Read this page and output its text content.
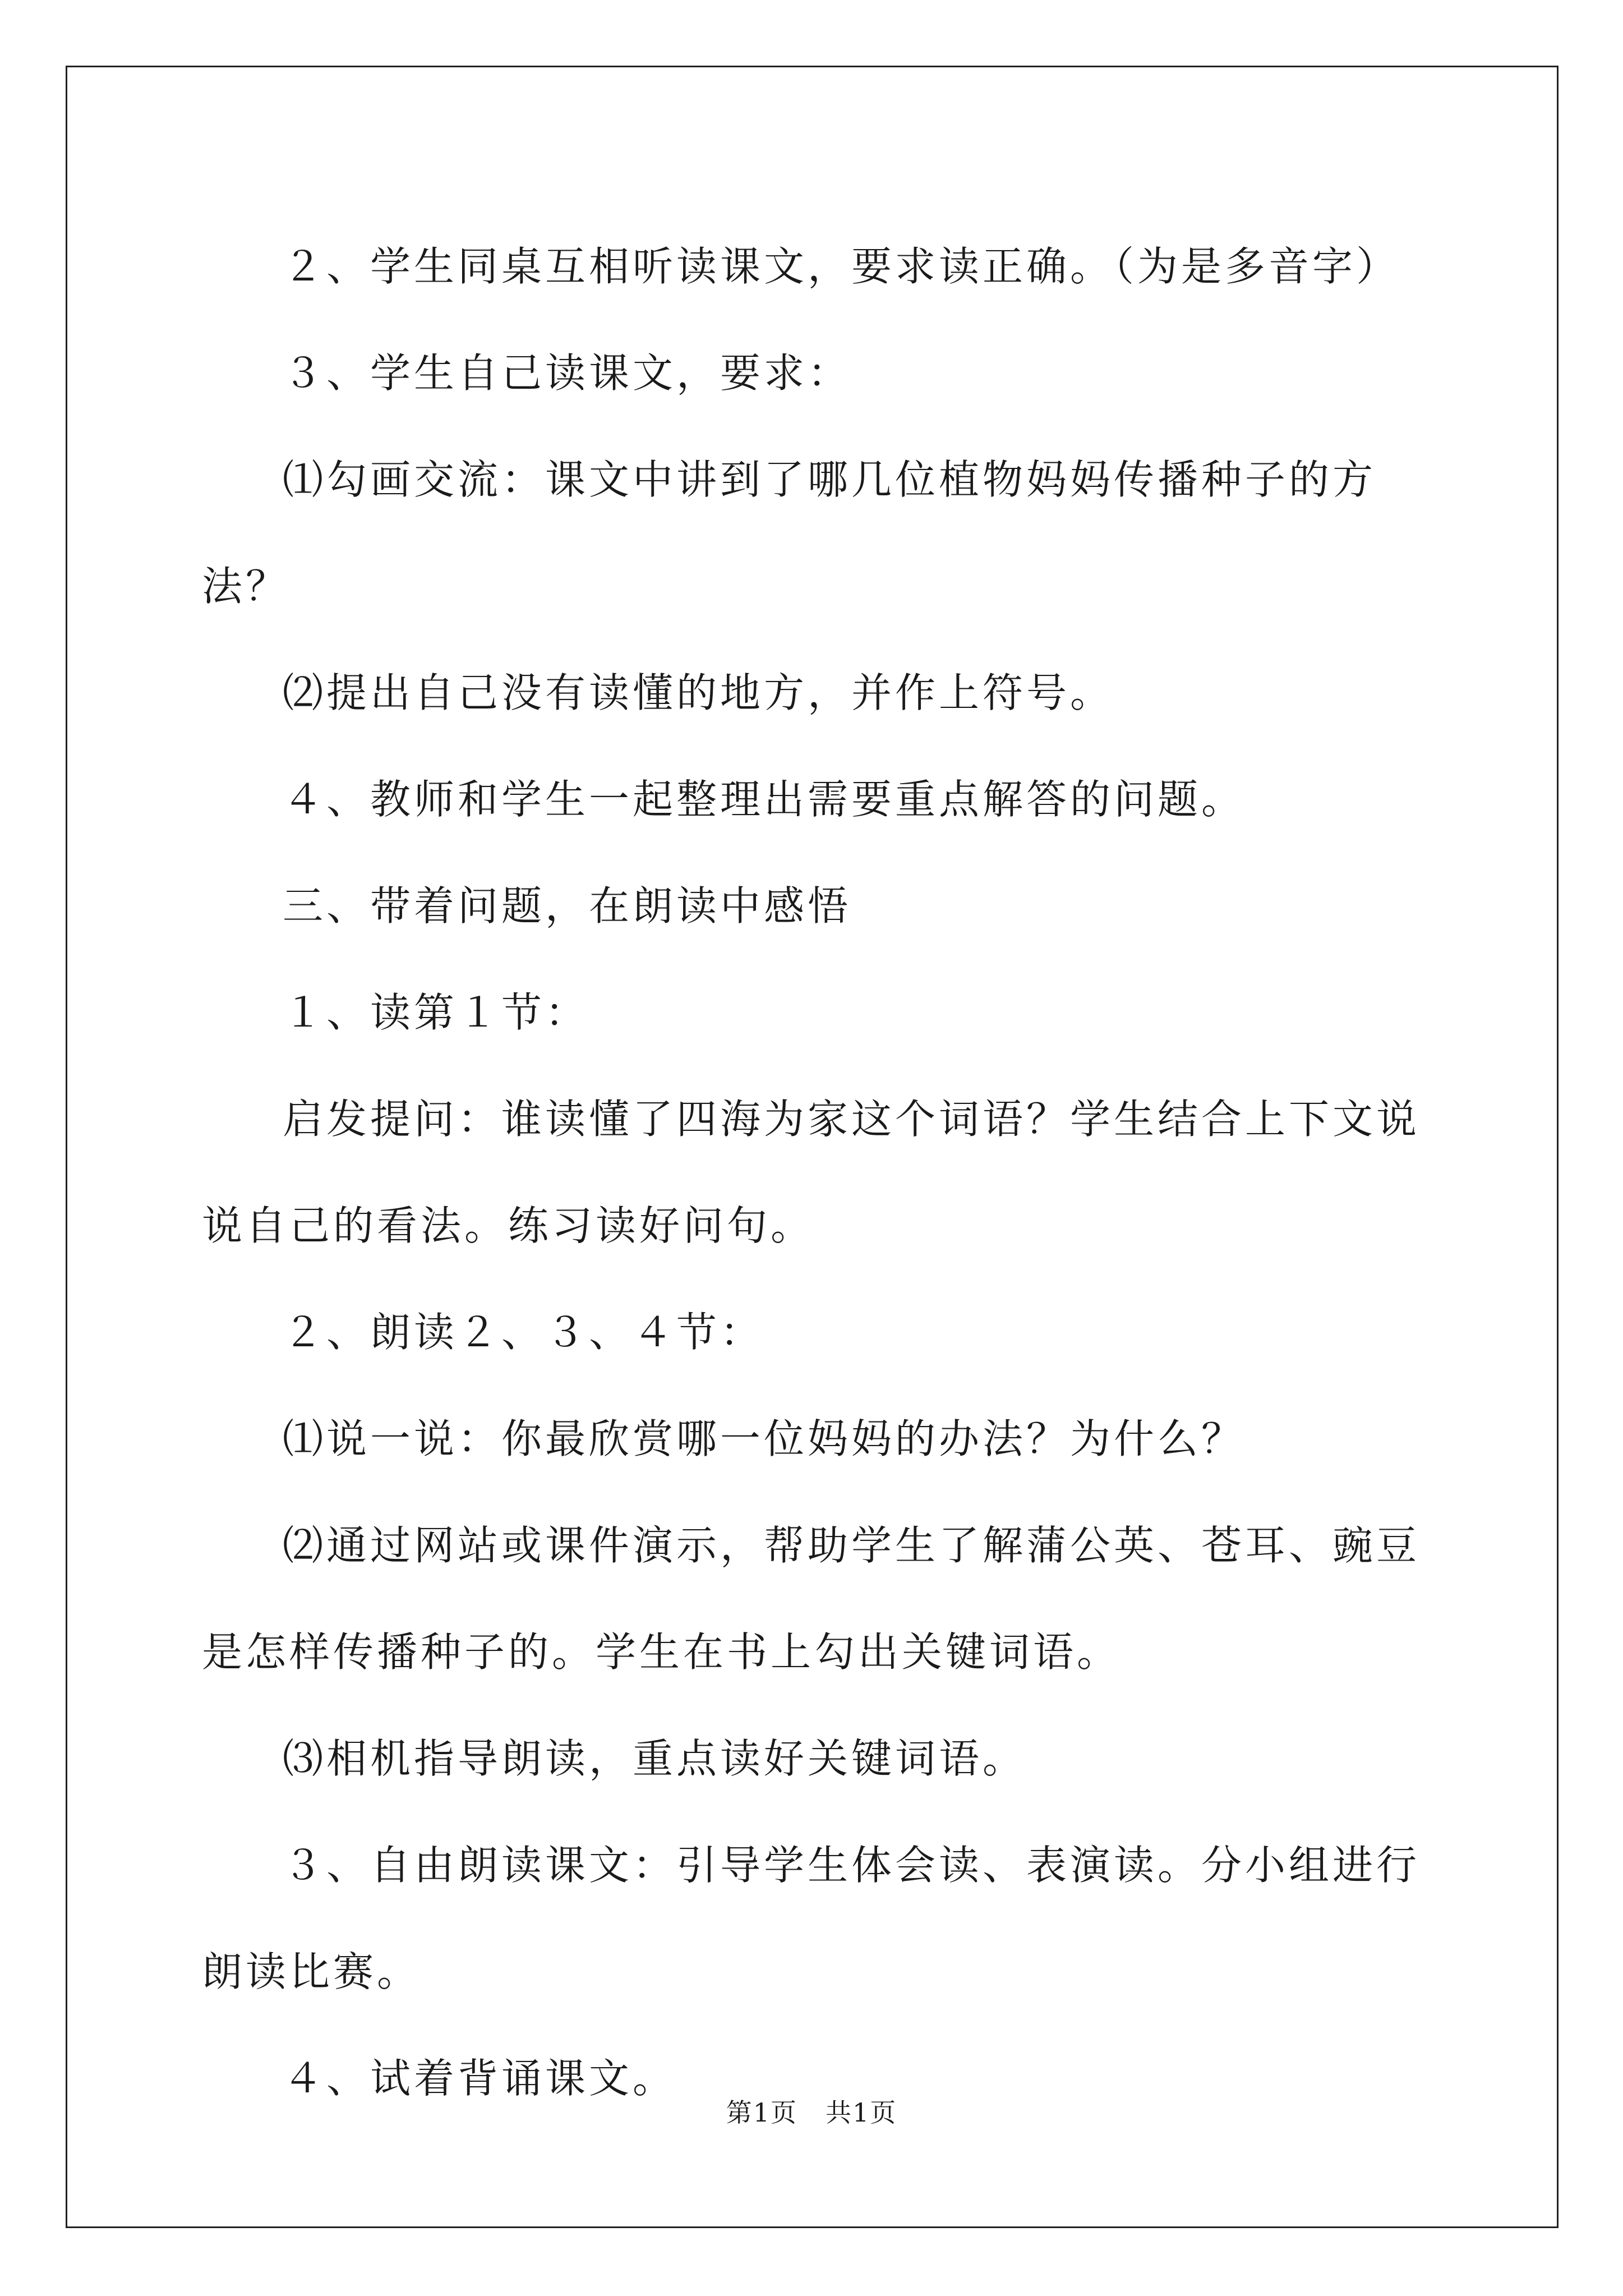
２、学生同桌互相听读课文，要求读正确。（为是多音字）

３、学生自己读课文，要求：

⑴勾画交流：课文中讲到了哪几位植物妈妈传播种子的方法？

⑵提出自己没有读懂的地方，并作上符号。

４、教师和学生一起整理出需要重点解答的问题。

三、带着问题，在朗读中感悟

１、读第１节：

启发提问：谁读懂了四海为家这个词语？学生结合上下文说说自己的看法。练习读好问句。

２、朗读２、３、４节：

⑴说一说：你最欣赏哪一位妈妈的办法？为什么？

⑵通过网站或课件演示，帮助学生了解蒲公英、苍耳、豌豆是怎样传播种子的。学生在书上勾出关键词语。

⑶相机指导朗读，重点读好关键词语。

３、自由朗读课文：引导学生体会读、表演读。分小组进行朗读比赛。

４、试着背诵课文。

第1页 共1页
